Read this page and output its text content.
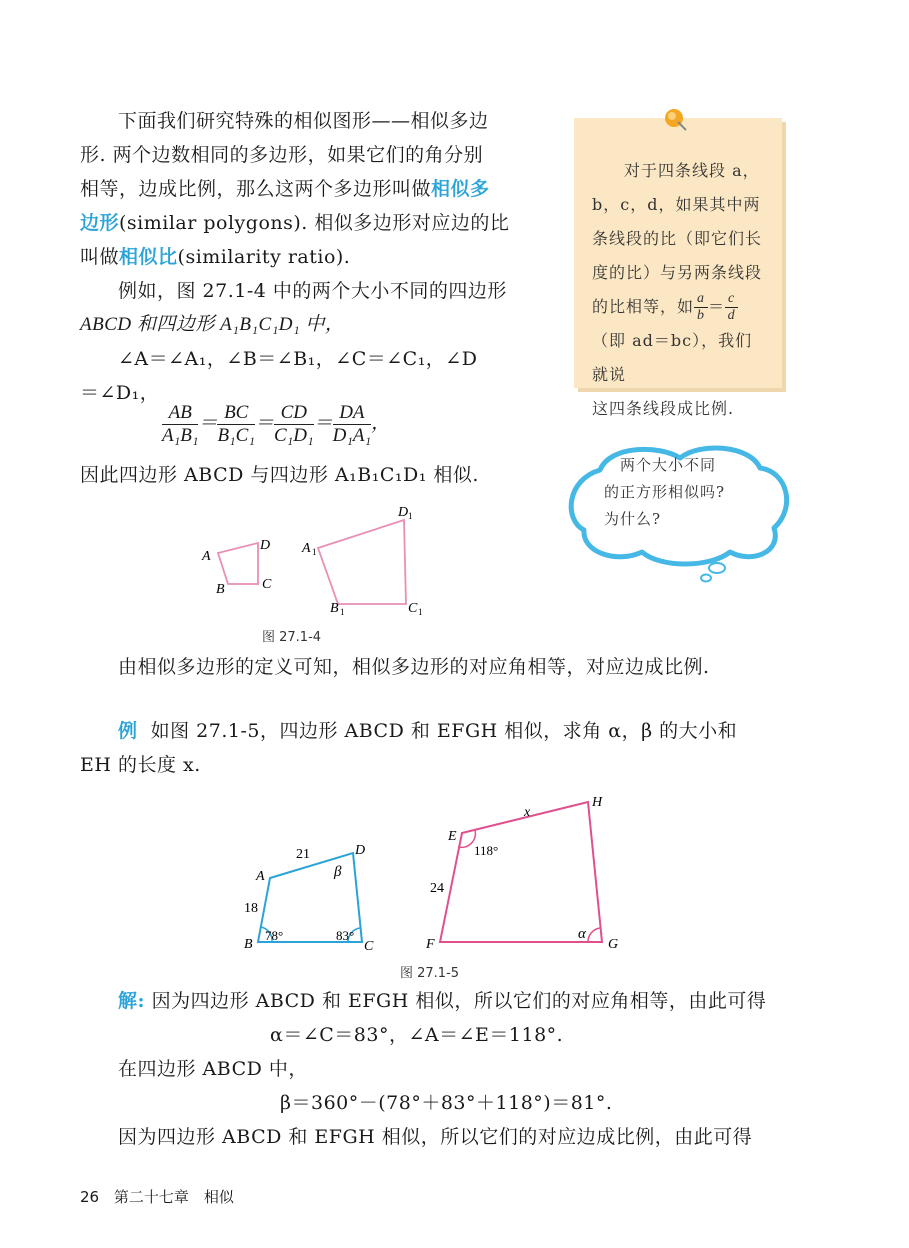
下面我们研究特殊的相似图形——相似多边
形. 两个边数相同的多边形，如果它们的角分别
相等，边成比例，那么这两个多边形叫做相似多
边形(similar polygons). 相似多边形对应边的比
叫做相似比(similarity ratio).
例如，图 27.1-4 中的两个大小不同的四边形
ABCD 和四边形 A₁B₁C₁D₁ 中，
∠A＝∠A₁，∠B＝∠B₁，∠C＝∠C₁，∠D
＝∠D₁，
$\frac{AB}{\text{A₁B₁}} = \frac{BC}{\text{B₁C₁}} = \frac{CD}{\text{C₁D₁}} = \frac{DA}{\text{D₁A₁}}$ ，
因此四边形 ABCD 与四边形 A₁B₁C₁D₁ 相似.
对于四条线段 a，
b，c，d，如果其中两
条线段的比（即它们长
度的比）与另两条线段
的比相等，如 $\frac{a}{b} = \frac{c}{d}$
（即 ad＝bc），我们就说
这四条线段成比例.
两个大小不同
的正方形相似吗?
为什么?
A
B	C
D A 1
B 1	C 1
D 1
图 27.1-4
由相似多边形的定义可知，相似多边形的对应角相等，对应边成比例.
例 如图 27.1-5，四边形 ABCD 和 EFGH 相似，求角 α，β 的大小和
EH 的长度 x.
A
B	C
D
21
18
β
78°	83°
E
F	G
H
x
24
118°
α
图 27.1-5
解: 因为四边形 ABCD 和 EFGH 相似，所以它们的对应角相等，由此可得
α＝∠C＝83°，∠A＝∠E＝118°.
在四边形 ABCD 中，
β＝360°－(78°＋83°＋118°)＝81°.
因为四边形 ABCD 和 EFGH 相似，所以它们的对应边成比例，由此可得
26 第二十七章　相似
